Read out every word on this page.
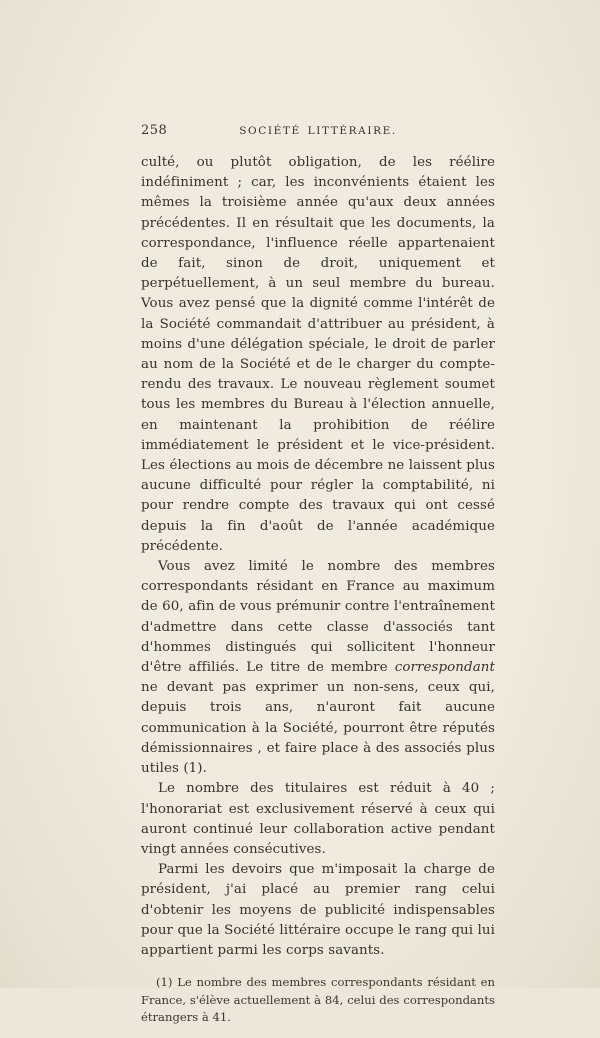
258	SOCIÉTÉ LITTÉRAIRE.

culté, ou plutôt obligation, de les réélire indéfiniment ; car, les inconvénients étaient les mêmes la troisième année qu'aux deux années précédentes. Il en résultait que les documents, la correspondance, l'influence réelle appartenaient de fait, sinon de droit, uniquement et perpétuellement, à un seul membre du bureau. Vous avez pensé que la dignité comme l'intérêt de la Société commandait d'attribuer au président, à moins d'une délégation spéciale, le droit de parler au nom de la Société et de le charger du compte-rendu des travaux. Le nouveau règlement soumet tous les membres du Bureau à l'élection annuelle, en maintenant la prohibition de réélire immédiatement le président et le vice-président. Les élections au mois de décembre ne laissent plus aucune difficulté pour régler la comptabilité, ni pour rendre compte des travaux qui ont cessé depuis la fin d'août de l'année académique précédente.

Vous avez limité le nombre des membres correspondants résidant en France au maximum de 60, afin de vous prémunir contre l'entraînement d'admettre dans cette classe d'associés tant d'hommes distingués qui sollicitent l'honneur d'être affiliés. Le titre de membre correspondant ne devant pas exprimer un non-sens, ceux qui, depuis trois ans, n'auront fait aucune communication à la Société, pourront être réputés démissionnaires , et faire place à des associés plus utiles (1).

Le nombre des titulaires est réduit à 40 ; l'honorariat est exclusivement réservé à ceux qui auront continué leur collaboration active pendant vingt années consécutives.

Parmi les devoirs que m'imposait la charge de président, j'ai placé au premier rang celui d'obtenir les moyens de publicité indispensables pour que la Société littéraire occupe le rang qui lui appartient parmi les corps savants.

(1) Le nombre des membres correspondants résidant en France, s'élève actuellement à 84, celui des correspondants étrangers à 41.
